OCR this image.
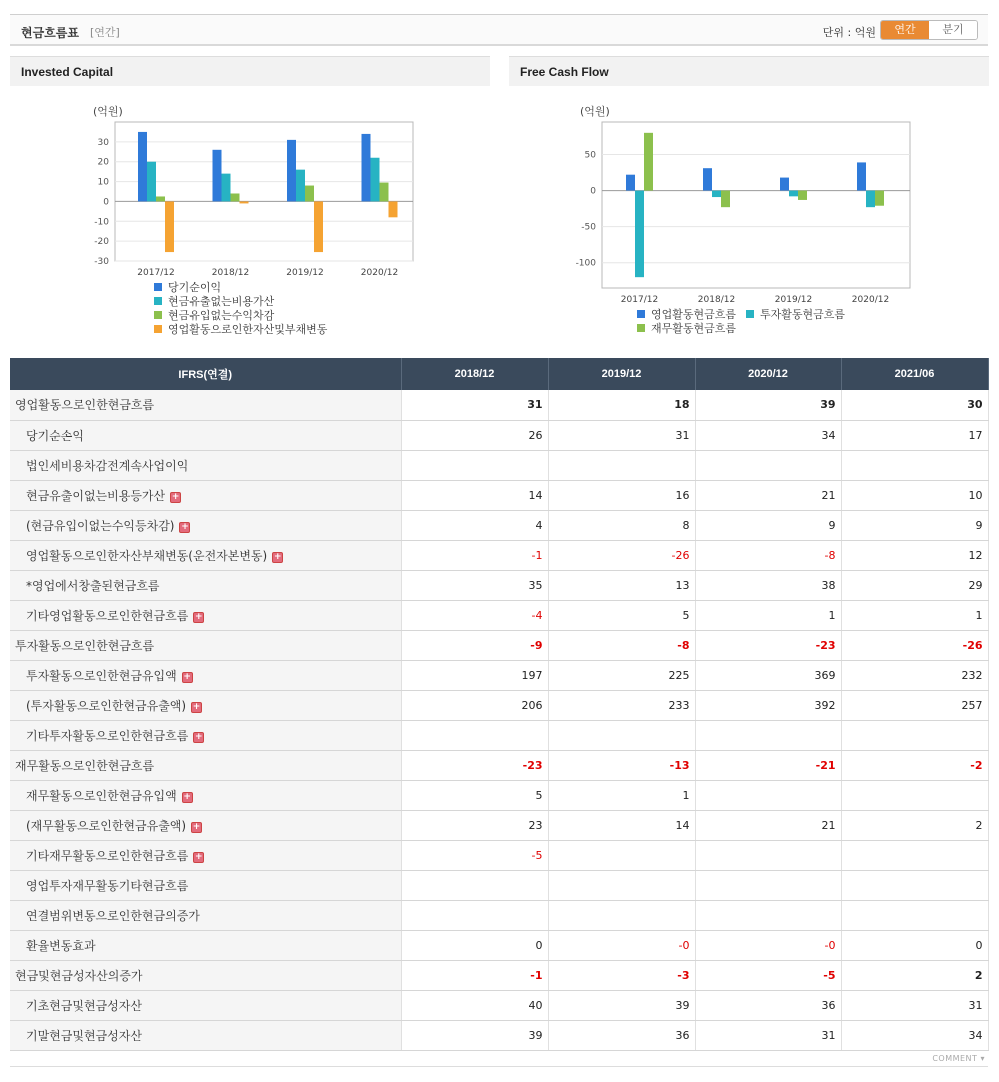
현금흐름표 [연간]	단위 : 억원	연간	분기
Invested Capital
(억원)
30
20
10
0
-10
-20
-30
2017/12	2018/12	2019/12	2020/12
당기순이익
현금유출없는비용가산
현금유입없는수익차감
영업활동으로인한자산및부채변동
Free Cash Flow
(억원)
50
0
-50
-100
2017/12	2018/12	2019/12	2020/12
영업활동현금흐름 투자활동현금흐름
재무활동현금흐름
IFRS(연결)	2018/12	2019/12	2020/12	2021/06
영업활동으로인한현금흐름	31	18	39	30
당기순손익	26	31	34	17
법인세비용차감전계속사업이익				
현금유출이없는비용등가산 +	14	16	21	10
(현금유입이없는수익등차감) +	4	8	9	9
영업활동으로인한자산부채변동(운전자본변동) +	-1	-26	-8	12
*영업에서창출된현금흐름	35	13	38	29
기타영업활동으로인한현금흐름 +	-4	5	1	1
투자활동으로인한현금흐름	-9	-8	-23	-26
투자활동으로인한현금유입액 +	197	225	369	232
(투자활동으로인한현금유출액) +	206	233	392	257
기타투자활동으로인한현금흐름 +				
재무활동으로인한현금흐름	-23	-13	-21	-2
재무활동으로인한현금유입액 +	5	1		
(재무활동으로인한현금유출액) +	23	14	21	2
기타재무활동으로인한현금흐름 +	-5			
영업투자재무활동기타현금흐름				
연결범위변동으로인한현금의증가				
환율변동효과	0	-0	-0	0
현금및현금성자산의증가	-1	-3	-5	2
기초현금및현금성자산	40	39	36	31
기말현금및현금성자산	39	36	31	34
COMMENT ▾
